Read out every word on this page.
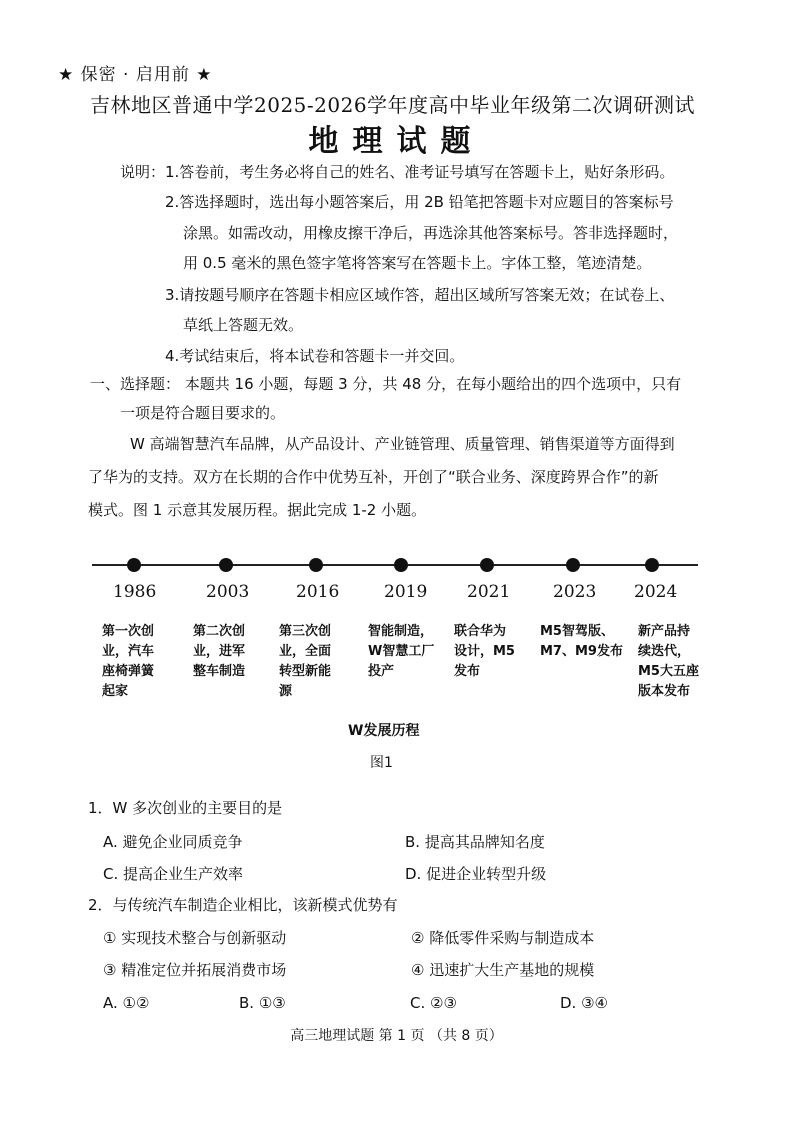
★ 保密 · 启用前 ★
吉林地区普通中学2025-2026学年度高中毕业年级第二次调研测试
地理试题
说明： 1.答卷前，考生务必将自己的姓名、准考证号填写在答题卡上，贴好条形码。
2.答选择题时，选出每小题答案后，用 2B 铅笔把答题卡对应题目的答案标号
涂黑。如需改动，用橡皮擦干净后，再选涂其他答案标号。答非选择题时，
用 0.5 毫米的黑色签字笔将答案写在答题卡上。字体工整，笔迹清楚。
3.请按题号顺序在答题卡相应区域作答，超出区域所写答案无效；在试卷上、
草纸上答题无效。
4.考试结束后，将本试卷和答题卡一并交回。
一、选择题： 本题共 16 小题，每题 3 分，共 48 分，在每小题给出的四个选项中，只有
一项是符合题目要求的。
W 高端智慧汽车品牌，从产品设计、产业链管理、质量管理、销售渠道等方面得到
了华为的支持。双方在长期的合作中优势互补，开创了“联合业务、深度跨界合作”的新
模式。图 1 示意其发展历程。据此完成 1-2 小题。
1986
第一次创
业，汽车
座椅弹簧
起家
2003
第二次创
业，进军
整车制造
2016
第三次创
业，全面
转型新能
源
2019
智能制造，
W智慧工厂
投产
2021
联合华为
设计，M5
发布
2023
M5智驾版、
M7、M9发布
2024
新产品持
续迭代，
M5大五座
版本发布
W发展历程
图1
1．W 多次创业的主要目的是
A. 避免企业同质竞争	B. 提高其品牌知名度
C. 提高企业生产效率	D. 促进企业转型升级
2．与传统汽车制造企业相比，该新模式优势有
① 实现技术整合与创新驱动	② 降低零件采购与制造成本
③ 精准定位并拓展消费市场	④ 迅速扩大生产基地的规模
A. ①②	B. ①③	C. ②③	D. ③④
高三地理试题 第 1 页 （共 8 页）
